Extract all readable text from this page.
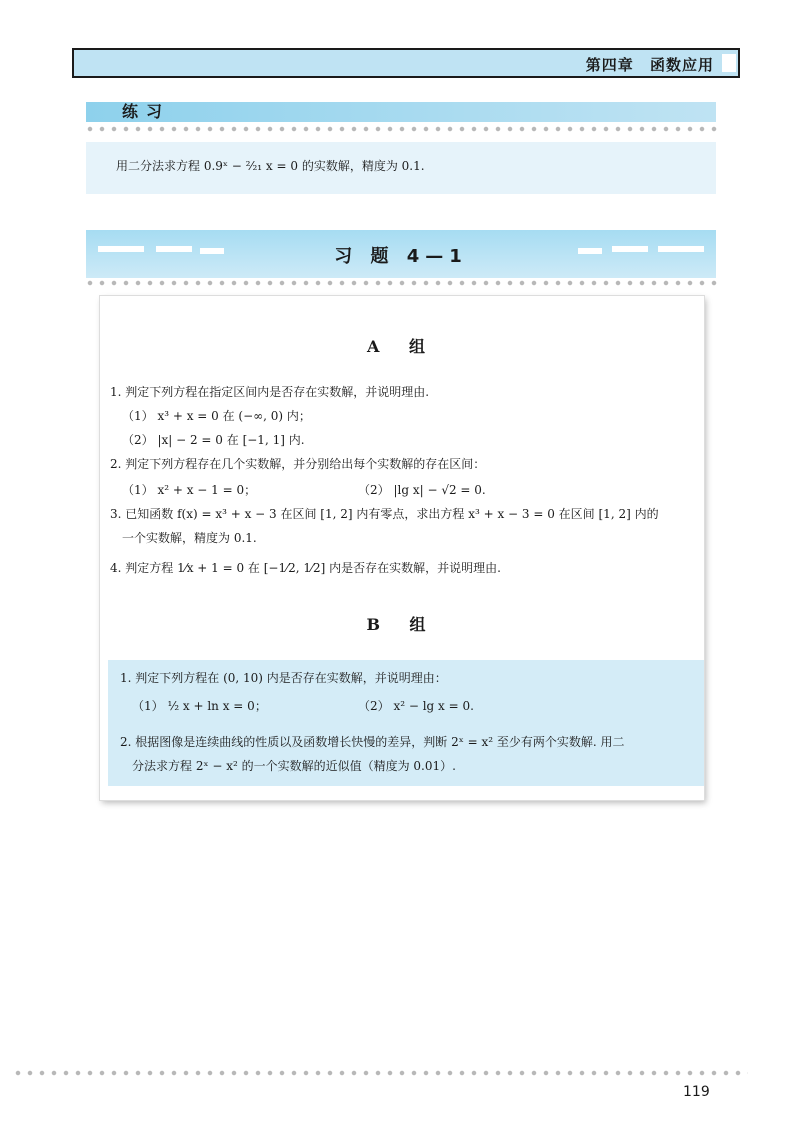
第四章 函数应用
练习
用二分法求方程 0.9ˣ − ²⁄₂₁ x = 0 的实数解，精度为 0.1.
习 题 4—1
A 组
1. 判定下列方程在指定区间内是否存在实数解，并说明理由.
（1） x³ + x = 0 在 (−∞, 0) 内；
（2） |x| − 2 = 0 在 [−1, 1] 内.
2. 判定下列方程存在几个实数解，并分别给出每个实数解的存在区间：
（1） x² + x − 1 = 0；	（2） |lg x| − √2 = 0.
3. 已知函数 f(x) = x³ + x − 3 在区间 [1, 2] 内有零点，求出方程 x³ + x − 3 = 0 在区间 [1, 2] 内的
一个实数解，精度为 0.1.
4. 判定方程 1⁄x + 1 = 0 在 [−1⁄2, 1⁄2] 内是否存在实数解，并说明理由.
B 组
1. 判定下列方程在 (0, 10) 内是否存在实数解，并说明理由：
（1） ½ x + ln x = 0；	（2） x² − lg x = 0.
2. 根据图像是连续曲线的性质以及函数增长快慢的差异，判断 2ˣ = x² 至少有两个实数解. 用二
分法求方程 2ˣ − x² 的一个实数解的近似值（精度为 0.01）.
119
